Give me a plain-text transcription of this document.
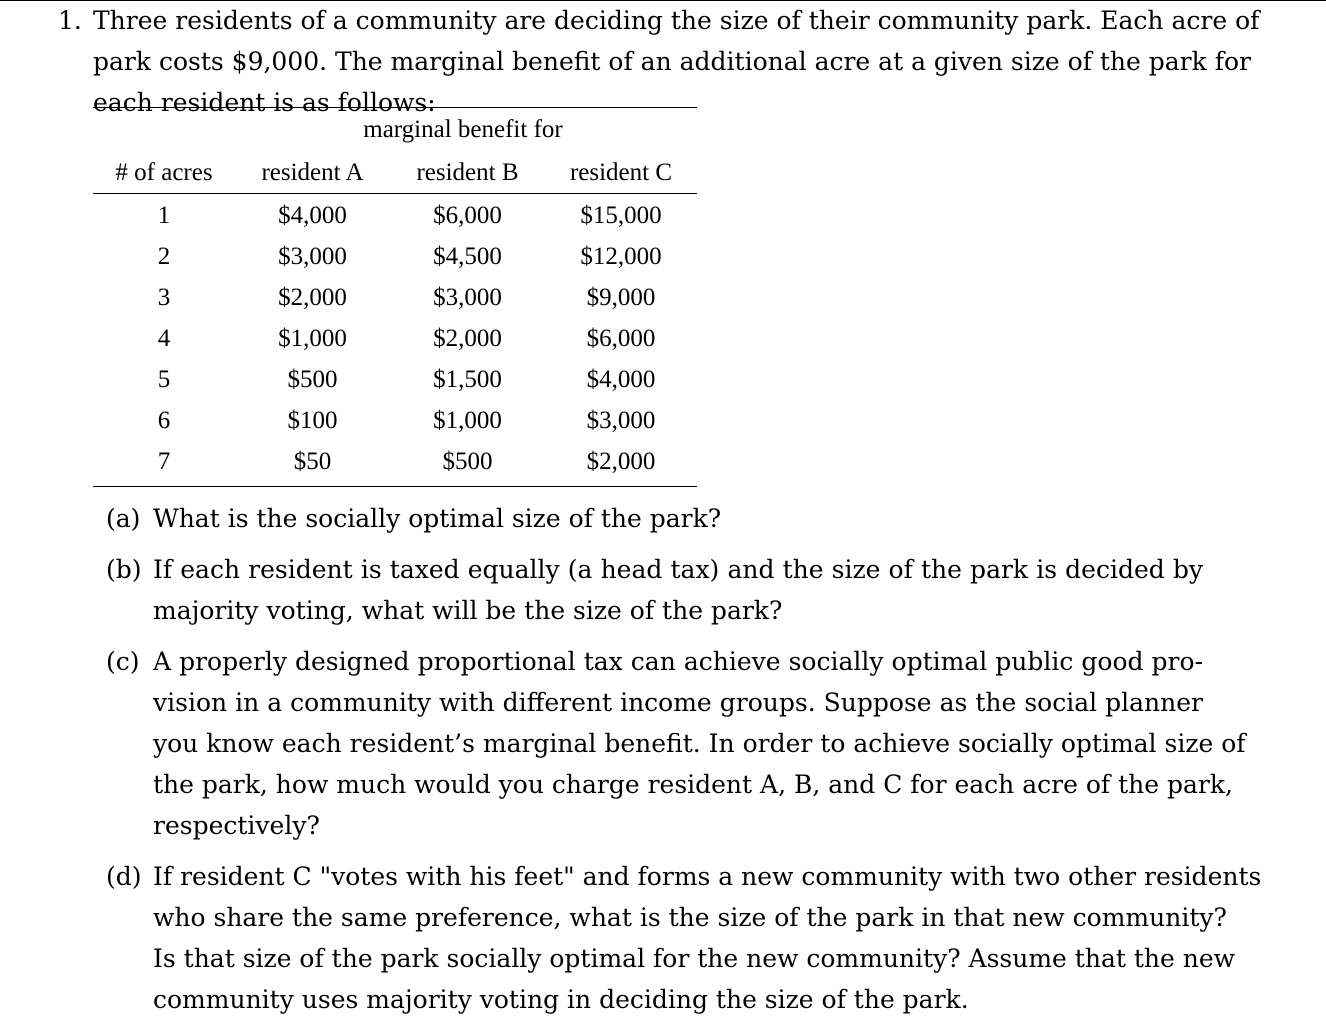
1. Three residents of a community are deciding the size of their community park. Each acre of
park costs $9,000. The marginal benefit of an additional acre at a given size of the park for
each resident is as follows:
marginal benefit for
# of acres	resident A	resident B	resident C
1	$4,000	$6,000	$15,000
2	$3,000	$4,500	$12,000
3	$2,000	$3,000	$9,000
4	$1,000	$2,000	$6,000
5	$500	$1,500	$4,000
6	$100	$1,000	$3,000
7	$50	$500	$2,000
(a) What is the socially optimal size of the park?
(b) If each resident is taxed equally (a head tax) and the size of the park is decided by
majority voting, what will be the size of the park?
(c) A properly designed proportional tax can achieve socially optimal public good pro-
vision in a community with different income groups. Suppose as the social planner
you know each resident’s marginal benefit. In order to achieve socially optimal size of
the park, how much would you charge resident A, B, and C for each acre of the park,
respectively?
(d) If resident C "votes with his feet" and forms a new community with two other residents
who share the same preference, what is the size of the park in that new community?
Is that size of the park socially optimal for the new community? Assume that the new
community uses majority voting in deciding the size of the park.
